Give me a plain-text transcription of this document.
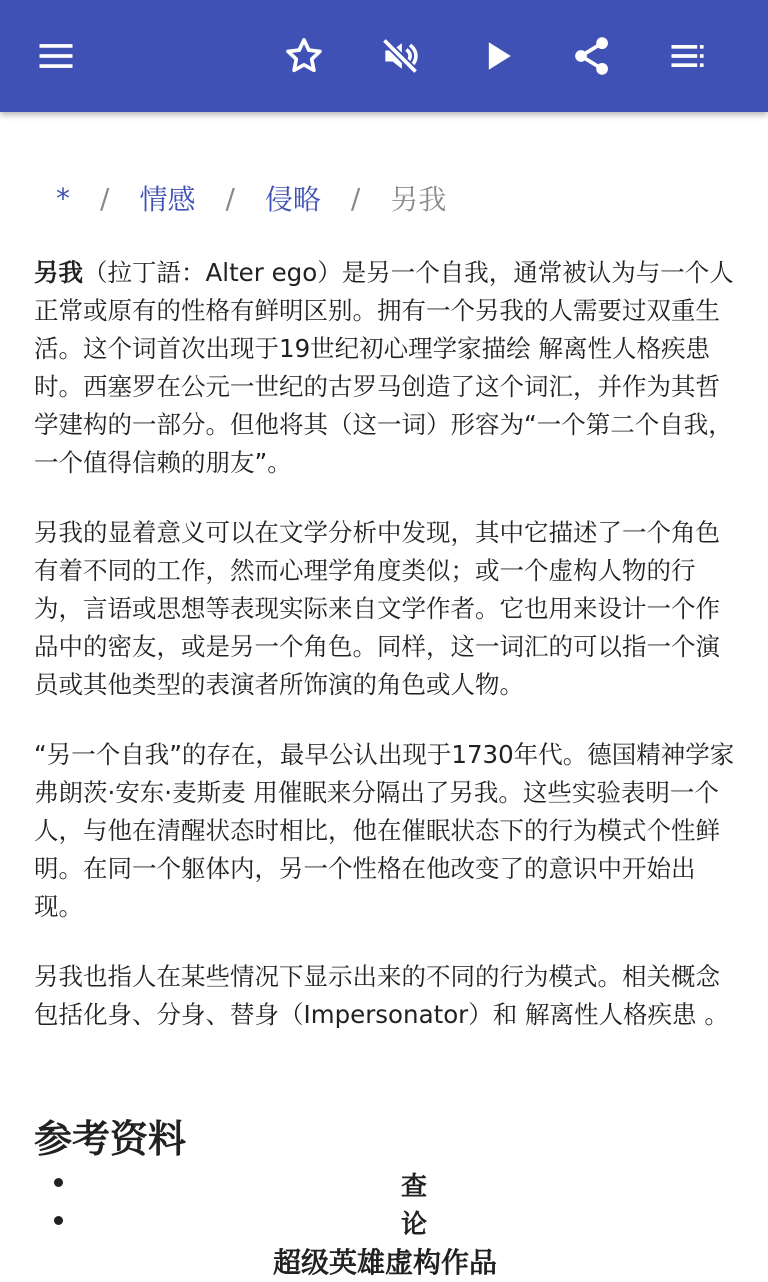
* / 情感 / 侵略 / 另我

另我（拉丁語：Alter ego）是另一个自我，通常被认为与一个人正常或原有的性格有鲜明区别。拥有一个另我的人需要过双重生活。这个词首次出现于19世纪初心理学家描绘 解离性人格疾患 时。西塞罗在公元一世纪的古罗马创造了这个词汇，并作为其哲学建构的一部分。但他将其（这一词）形容为“一个第二个自我，一个值得信赖的朋友”。

另我的显着意义可以在文学分析中发现，其中它描述了一个角色有着不同的工作，然而心理学角度类似；或一个虚构人物的行为，言语或思想等表现实际来自文学作者。它也用来设计一个作品中的密友，或是另一个角色。同样，这一词汇的可以指一个演员或其他类型的表演者所饰演的角色或人物。

“另一个自我”的存在，最早公认出现于1730年代。德国精神学家 弗朗茨·安东·麦斯麦 用催眠来分隔出了另我。这些实验表明一个人，与他在清醒状态时相比，他在催眠状态下的行为模式个性鲜明。在同一个躯体内，另一个性格在他改变了的意识中开始出现。

另我也指人在某些情况下显示出来的不同的行为模式。相关概念包括化身、分身、替身（Impersonator）和 解离性人格疾患 。

参考资料
查
论
超级英雄虚构作品
